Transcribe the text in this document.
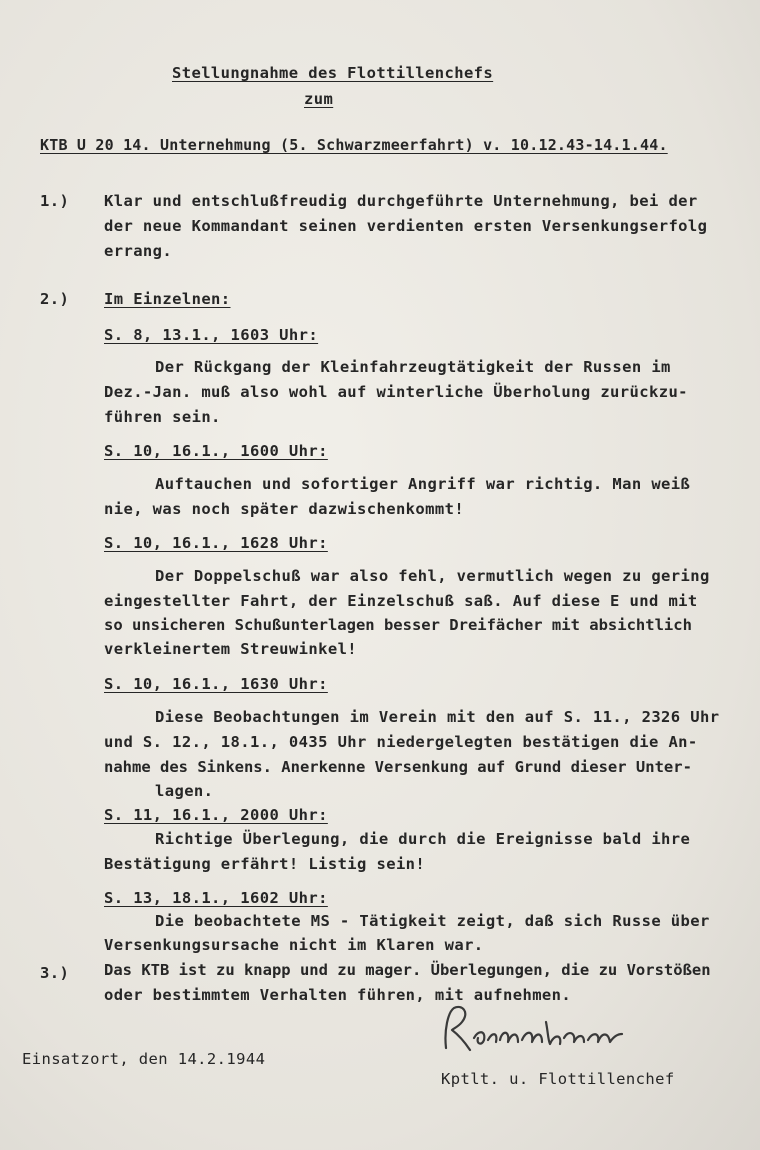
Stellungnahme des Flottillenchefs
zum
KTB U 20 14. Unternehmung (5. Schwarzmeerfahrt) v. 10.12.43-14.1.44.
1.) Klar und entschlußfreudig durchgeführte Unternehmung, bei der
der neue Kommandant seinen verdienten ersten Versenkungserfolg
errang.
2.) Im Einzelnen:
S. 8, 13.1., 1603 Uhr:
Der Rückgang der Kleinfahrzeugtätigkeit der Russen im
Dez.-Jan. muß also wohl auf winterliche Überholung zurückzu-
führen sein.
S. 10, 16.1., 1600 Uhr:
Auftauchen und sofortiger Angriff war richtig. Man weiß
nie, was noch später dazwischenkommt!
S. 10, 16.1., 1628 Uhr:
Der Doppelschuß war also fehl, vermutlich wegen zu gering
eingestellter Fahrt, der Einzelschuß saß. Auf diese E und mit
so unsicheren Schußunterlagen besser Dreifächer mit absichtlich
verkleinertem Streuwinkel!
S. 10, 16.1., 1630 Uhr:
Diese Beobachtungen im Verein mit den auf S. 11., 2326 Uhr
und S. 12., 18.1., 0435 Uhr niedergelegten bestätigen die An-
nahme des Sinkens. Anerkenne Versenkung auf Grund dieser Unter-
lagen.
S. 11, 16.1., 2000 Uhr:
Richtige Überlegung, die durch die Ereignisse bald ihre
Bestätigung erfährt! Listig sein!
S. 13, 18.1., 1602 Uhr:
Die beobachtete MS - Tätigkeit zeigt, daß sich Russe über
Versenkungsursache nicht im Klaren war.
3.) Das KTB ist zu knapp und zu mager. Überlegungen, die zu Vorstößen
oder bestimmtem Verhalten führen, mit aufnehmen.
Einsatzort, den 14.2.1944
Kptlt. u. Flottillenchef
